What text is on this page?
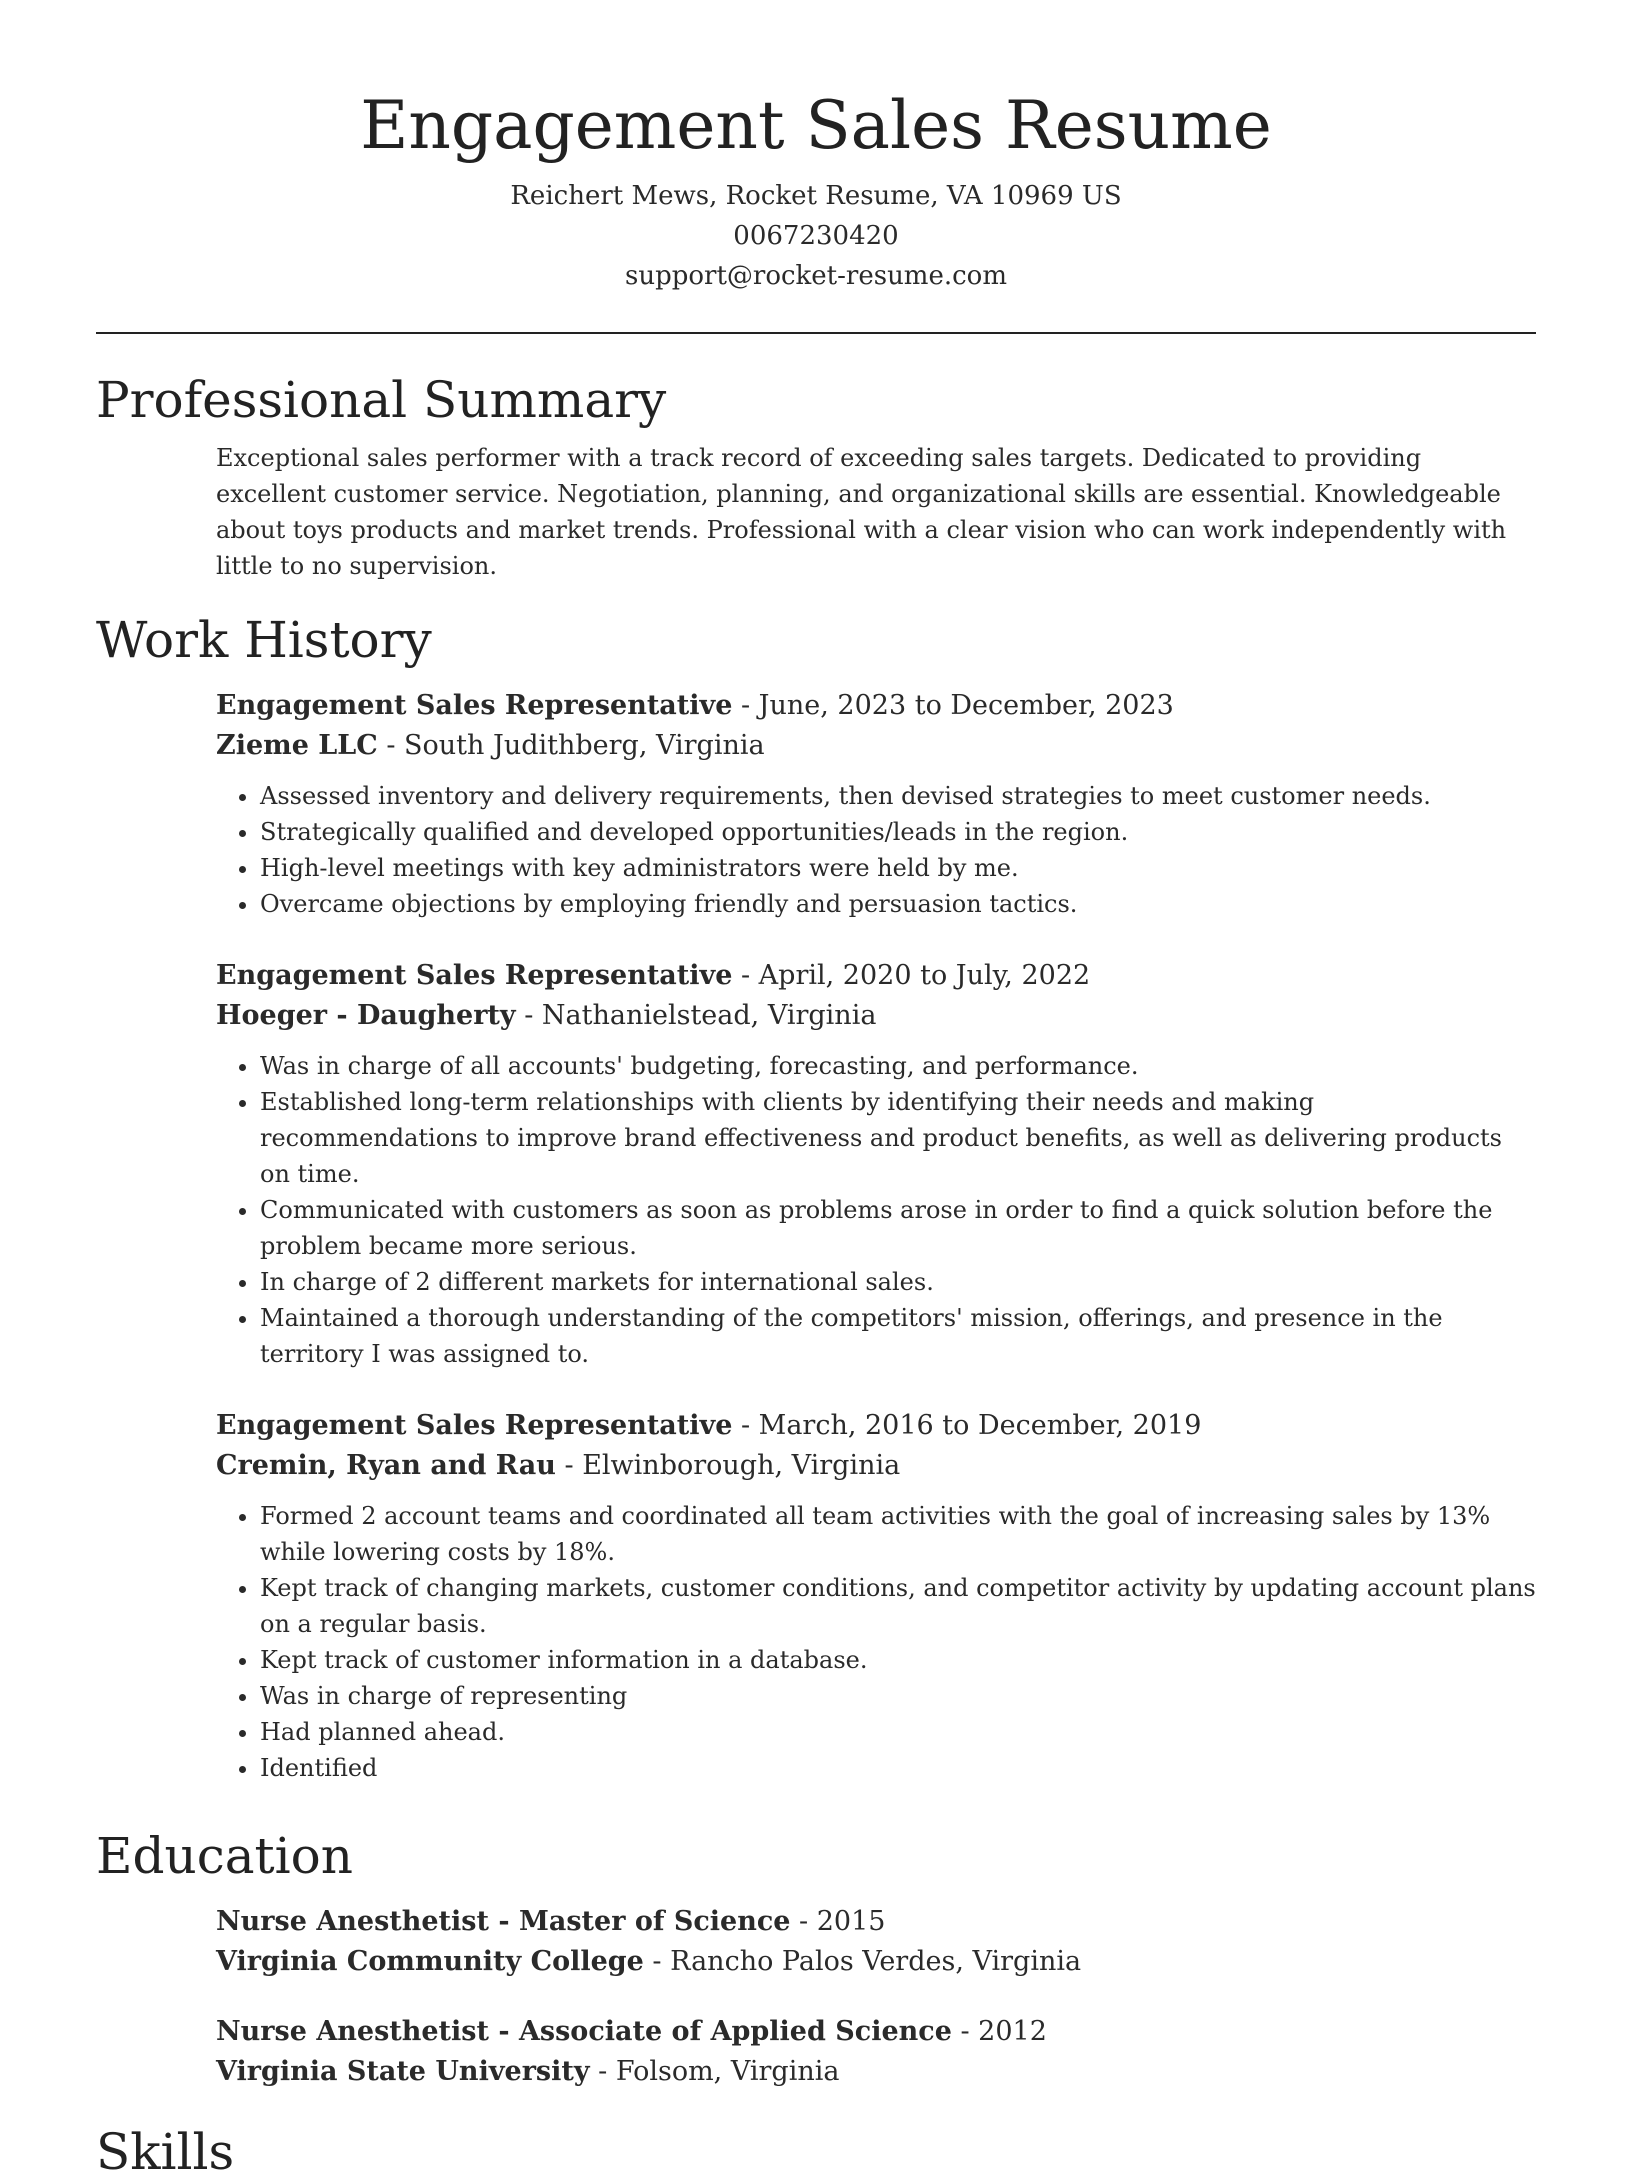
Engagement Sales Resume
Reichert Mews, Rocket Resume, VA 10969 US
0067230420
support@rocket-resume.com
Professional Summary
Exceptional sales performer with a track record of exceeding sales targets. Dedicated to providing excellent customer service. Negotiation, planning, and organizational skills are essential. Knowledgeable about toys products and market trends. Professional with a clear vision who can work independently with little to no supervision.
Work History
Engagement Sales Representative - June, 2023 to December, 2023
Zieme LLC - South Judithberg, Virginia
• Assessed inventory and delivery requirements, then devised strategies to meet customer needs.
• Strategically qualified and developed opportunities/leads in the region.
• High-level meetings with key administrators were held by me.
• Overcame objections by employing friendly and persuasion tactics.
Engagement Sales Representative - April, 2020 to July, 2022
Hoeger - Daugherty - Nathanielstead, Virginia
• Was in charge of all accounts' budgeting, forecasting, and performance.
• Established long-term relationships with clients by identifying their needs and making recommendations to improve brand effectiveness and product benefits, as well as delivering products on time.
• Communicated with customers as soon as problems arose in order to find a quick solution before the problem became more serious.
• In charge of 2 different markets for international sales.
• Maintained a thorough understanding of the competitors' mission, offerings, and presence in the territory I was assigned to.
Engagement Sales Representative - March, 2016 to December, 2019
Cremin, Ryan and Rau - Elwinborough, Virginia
• Formed 2 account teams and coordinated all team activities with the goal of increasing sales by 13% while lowering costs by 18%.
• Kept track of changing markets, customer conditions, and competitor activity by updating account plans on a regular basis.
• Kept track of customer information in a database.
• Was in charge of representing
• Had planned ahead.
• Identified
Education
Nurse Anesthetist - Master of Science - 2015
Virginia Community College - Rancho Palos Verdes, Virginia
Nurse Anesthetist - Associate of Applied Science - 2012
Virginia State University - Folsom, Virginia
Skills
